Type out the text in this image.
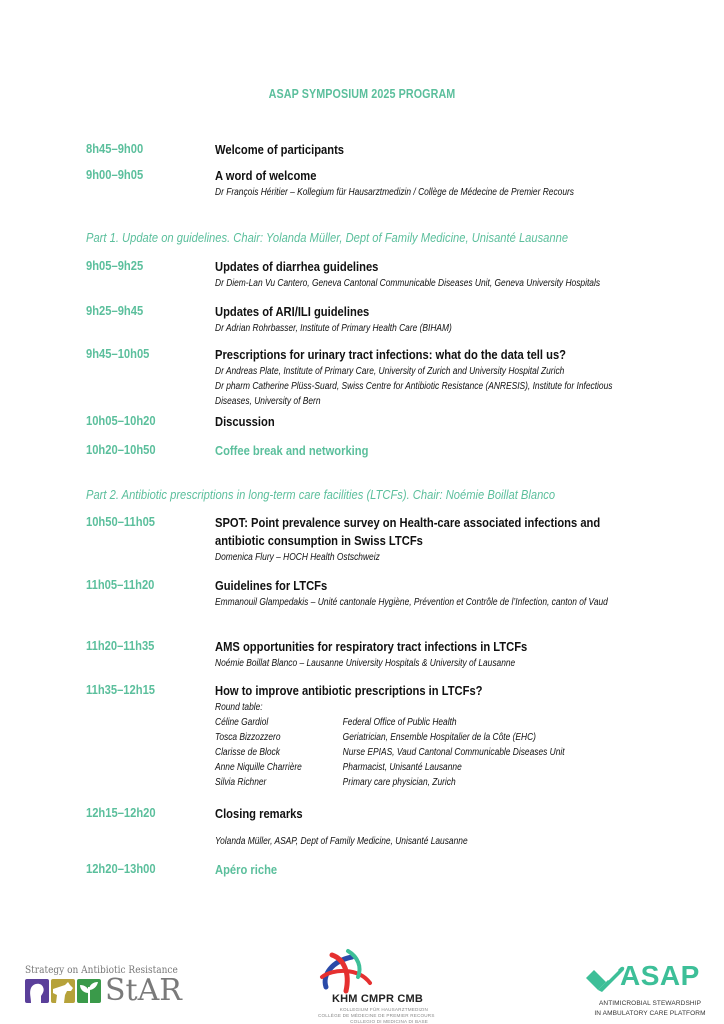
ASAP SYMPOSIUM 2025 PROGRAM
8h45–9h00	Welcome of participants
9h00–9h05	A word of welcome
Dr François Héritier – Kollegium für Hausarztmedizin / Collège de Médecine de Premier Recours
Part 1. Update on guidelines. Chair: Yolanda Müller, Dept of Family Medicine, Unisanté Lausanne
9h05–9h25	Updates of diarrhea guidelines
Dr Diem-Lan Vu Cantero, Geneva Cantonal Communicable Diseases Unit, Geneva University Hospitals
9h25–9h45	Updates of ARI/ILI guidelines
Dr Adrian Rohrbasser, Institute of Primary Health Care (BIHAM)
9h45–10h05	Prescriptions for urinary tract infections: what do the data tell us?
Dr Andreas Plate, Institute of Primary Care, University of Zurich and University Hospital Zurich
Dr pharm Catherine Plüss-Suard, Swiss Centre for Antibiotic Resistance (ANRESIS), Institute for Infectious Diseases, University of Bern
10h05–10h20	Discussion
10h20–10h50	Coffee break and networking
Part 2. Antibiotic prescriptions in long-term care facilities (LTCFs). Chair: Noémie Boillat Blanco
10h50–11h05	SPOT: Point prevalence survey on Health-care associated infections and antibiotic consumption in Swiss LTCFs
Domenica Flury – HOCH Health Ostschweiz
11h05–11h20	Guidelines for LTCFs
Emmanouil Glampedakis – Unité cantonale Hygiène, Prévention et Contrôle de l’Infection, canton of Vaud
11h20–11h35	AMS opportunities for respiratory tract infections in LTCFs
Noémie Boillat Blanco – Lausanne University Hospitals & University of Lausanne
11h35–12h15	How to improve antibiotic prescriptions in LTCFs?
Round table:
Céline Gardiol	Federal Office of Public Health
Tosca Bizzozzero	Geriatrician, Ensemble Hospitalier de la Côte (EHC)
Clarisse de Block	Nurse EPIAS, Vaud Cantonal Communicable Diseases Unit
Anne Niquille Charrière	Pharmacist, Unisanté Lausanne
Silvia Richner	Primary care physician, Zurich
12h15–12h20	Closing remarks
Yolanda Müller, ASAP, Dept of Family Medicine, Unisanté Lausanne
12h20–13h00	Apéro riche
Strategy on Antibiotic Resistance
StAR	KHM CMPR CMB
KOLLEGIUM FÜR HAUSARZTMEDIZIN
COLLÈGE DE MÉDECINE DE PREMIER RECOURS
COLLEGIO DI MEDICINA DI BASE
ASAP
ANTIMICROBIAL STEWARDSHIP
IN AMBULATORY CARE PLATFORM
